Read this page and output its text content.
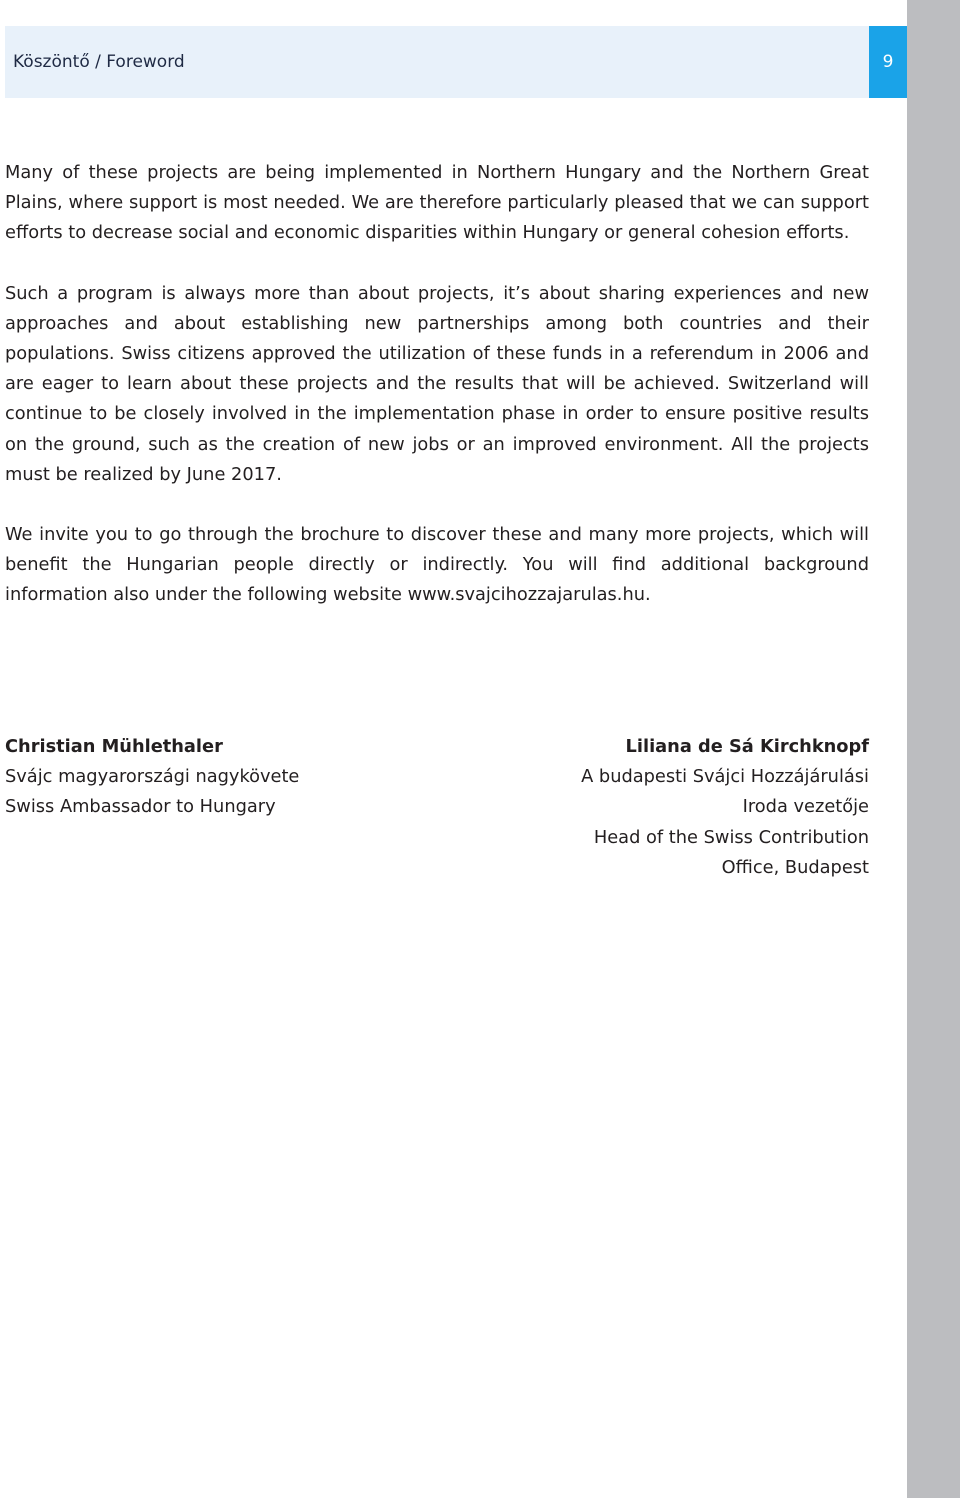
Köszöntő / Foreword	9

Many of these projects are being implemented in Northern Hungary and the Northern Great Plains, where support is most needed. We are therefore particularly pleased that we can support efforts to decrease social and economic disparities within Hungary or general cohesion efforts.

Such a program is always more than about projects, it’s about sharing experiences and new approaches and about establishing new partnerships among both countries and their populations. Swiss citizens approved the utilization of these funds in a referendum in 2006 and are eager to learn about these projects and the results that will be achieved. Switzerland will continue to be closely involved in the implementation phase in order to ensure positive results on the ground, such as the creation of new jobs or an improved environment. All the projects must be realized by June 2017.

We invite you to go through the brochure to discover these and many more projects, which will benefit the Hungarian people directly or indirectly. You will find additional background information also under the following website www.svajcihozzajarulas.hu.

Christian Mühlethaler
Svájc magyarországi nagykövete
Swiss Ambassador to Hungary
Liliana de Sá Kirchknopf
A budapesti Svájci Hozzájárulási
Iroda vezetője
Head of the Swiss Contribution
Office, Budapest
